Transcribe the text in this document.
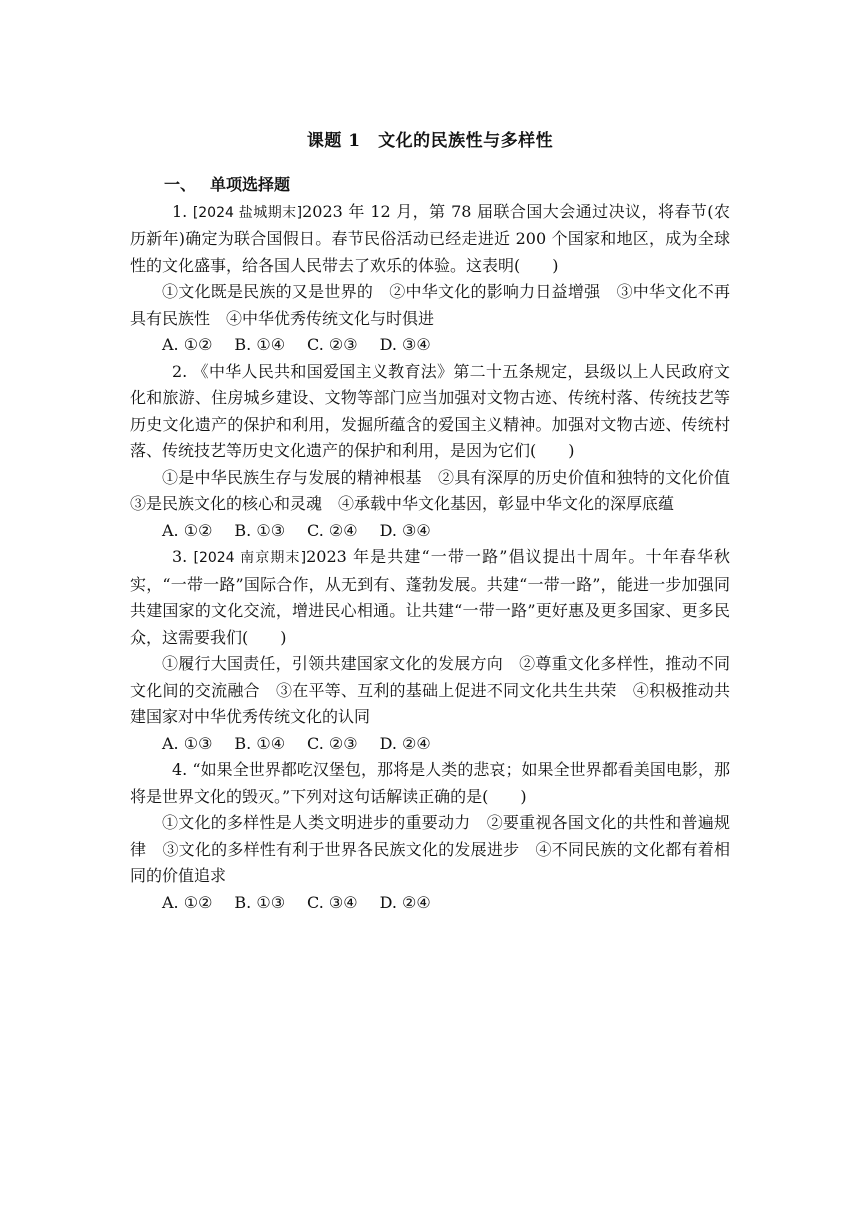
课题 1　文化的民族性与多样性

一、 单项选择题

1. [2024 盐城期末]2023 年 12 月，第 78 届联合国大会通过决议，将春节(农历新年)确定为联合国假日。春节民俗活动已经走进近 200 个国家和地区，成为全球性的文化盛事，给各国人民带去了欢乐的体验。这表明(　　)

①文化既是民族的又是世界的　②中华文化的影响力日益增强　③中华文化不再具有民族性　④中华优秀传统文化与时俱进

A. ①② B. ①④ C. ②③ D. ③④

2. 《中华人民共和国爱国主义教育法》第二十五条规定，县级以上人民政府文化和旅游、住房城乡建设、文物等部门应当加强对文物古迹、传统村落、传统技艺等历史文化遗产的保护和利用，发掘所蕴含的爱国主义精神。加强对文物古迹、传统村落、传统技艺等历史文化遗产的保护和利用，是因为它们(　　)

①是中华民族生存与发展的精神根基　②具有深厚的历史价值和独特的文化价值　③是民族文化的核心和灵魂　④承载中华文化基因，彰显中华文化的深厚底蕴

A. ①② B. ①③ C. ②④ D. ③④

3. [2024 南京期末]2023 年是共建“一带一路”倡议提出十周年。十年春华秋实，“一带一路”国际合作，从无到有、蓬勃发展。共建“一带一路”，能进一步加强同共建国家的文化交流，增进民心相通。让共建“一带一路”更好惠及更多国家、更多民众，这需要我们(　　)

①履行大国责任，引领共建国家文化的发展方向　②尊重文化多样性，推动不同文化间的交流融合　③在平等、互利的基础上促进不同文化共生共荣　④积极推动共建国家对中华优秀传统文化的认同

A. ①③ B. ①④ C. ②③ D. ②④

4. “如果全世界都吃汉堡包，那将是人类的悲哀；如果全世界都看美国电影，那将是世界文化的毁灭。”下列对这句话解读正确的是(　　)

①文化的多样性是人类文明进步的重要动力　②要重视各国文化的共性和普遍规律　③文化的多样性有利于世界各民族文化的发展进步　④不同民族的文化都有着相同的价值追求

A. ①② B. ①③ C. ③④ D. ②④
